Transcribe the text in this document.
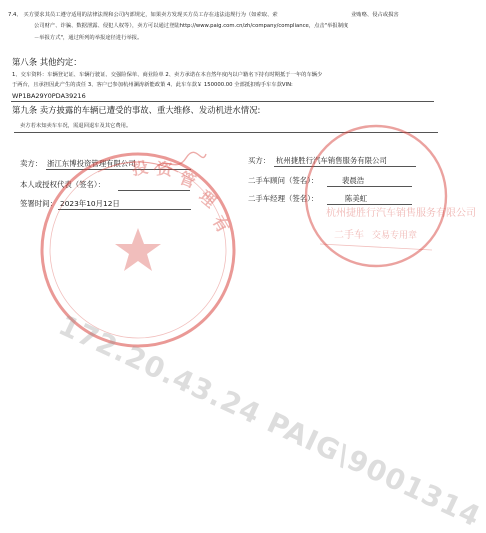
7.4、 买方要求其员工遵守适用的法律法规和公司内部规定，如果卖方发现买方员工存在违法违规行为（如索取、索	业贿赂、侵占或损害
公司财产、诈骗、数据泄露、侵犯人权等），卖方可以通过登陆http://www.paig.com.cn/zh/company/compliance，点击"举报制度
－举报方式"，通过所列的举报途径进行举报。
第八条 其他约定：
1、交车资料：车辆登记证、车辆行驶证、交强险保单、商业险单 2、卖方承诺在本自然年度内以户籍名下持有时期抵于一年的车辆少
于两台，且承担因此产生的责任 3、客户已参加杭州澜涛新能政策 4、此车车款￥ 150000.00 全部抵扣购手车车款VIN:
WP1BA29Y0PDA39216
第九条 卖方披露的车辆已遭受的事故、重大维修、发动机进水情况:
卖方若未知卖车车况，需退回退车及其它费用。
卖方： 浙江东博投资管理有限公司
本人或授权代表（签名）：
签署时间： 2023年10月12日
买方： 杭州捷胜行汽车销售服务有限公司
二手车顾问（签名）：	裴晨浩
二手车经理（签名）：	陈美虹
投 资 管
理
有	杭州捷胜行汽车销售服务有限公司
二手车 交易专用章
172.20.43.24 PAIG\9001314
